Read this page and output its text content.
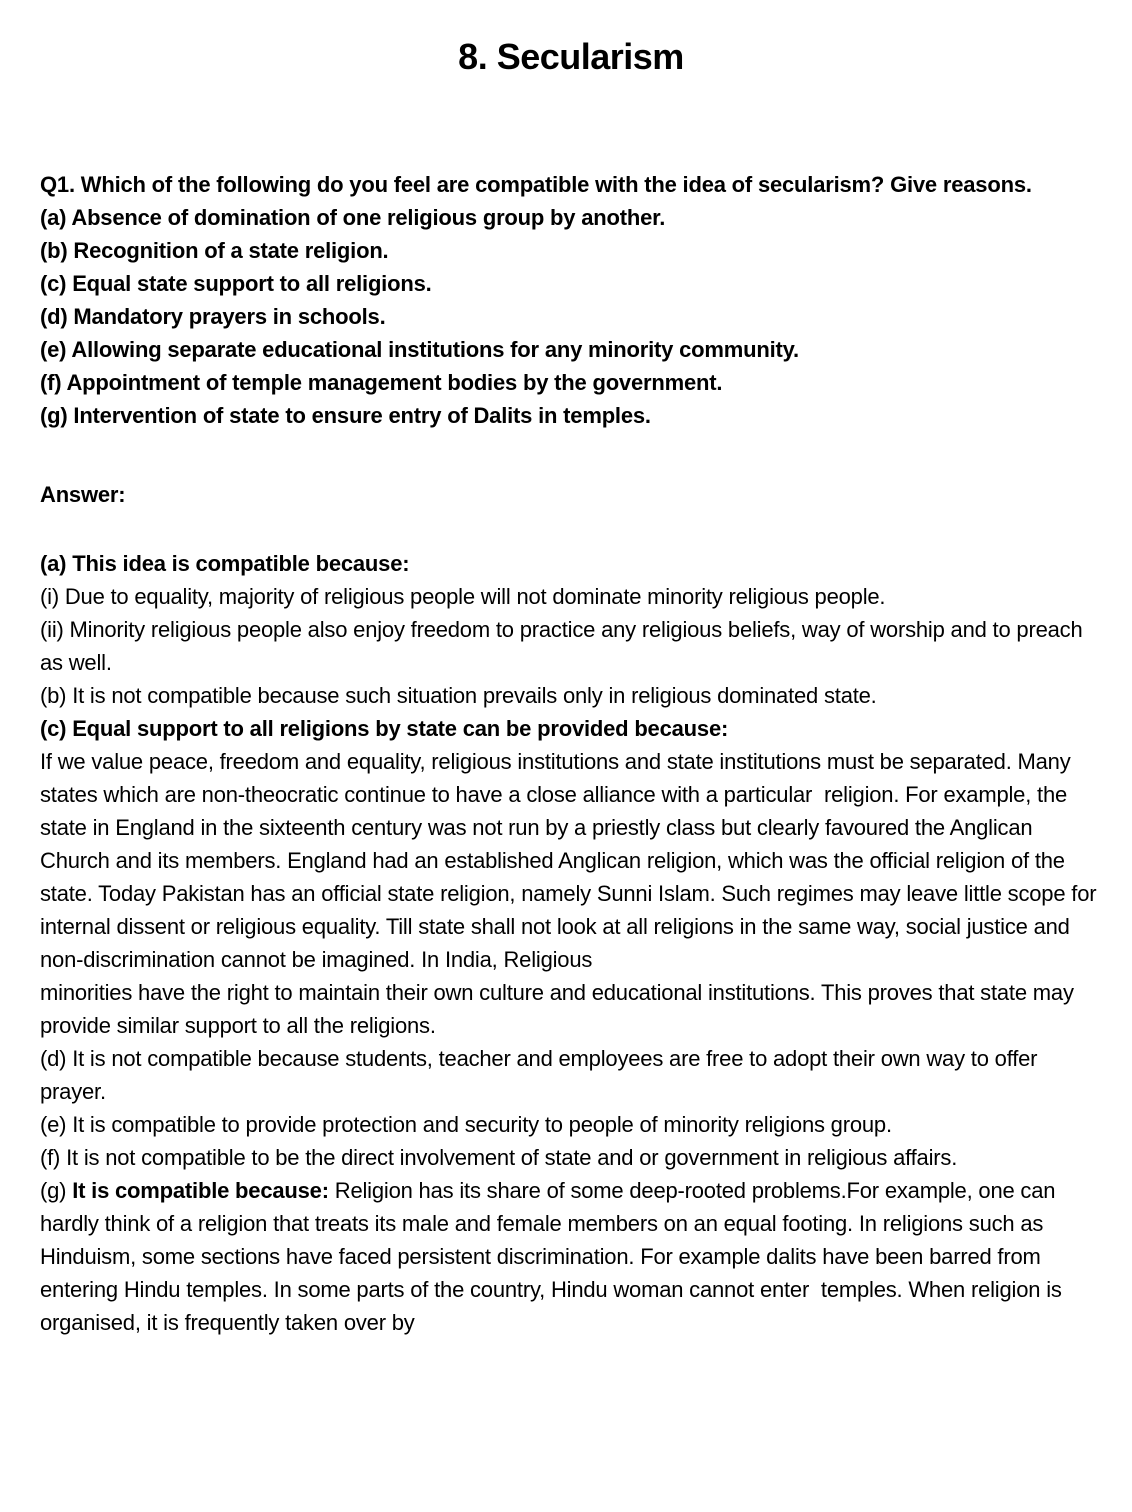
8. Secularism

Q1. Which of the following do you feel are compatible with the idea of secularism? Give reasons.

(a) Absence of domination of one religious group by another.

(b) Recognition of a state religion.

(c) Equal state support to all religions.

(d) Mandatory prayers in schools.

(e) Allowing separate educational institutions for any minority community.

(f) Appointment of temple management bodies by the government.

(g) Intervention of state to ensure entry of Dalits in temples.

Answer:

(a) This idea is compatible because:

(i) Due to equality, majority of religious people will not dominate minority religious people.

(ii) Minority religious people also enjoy freedom to practice any religious beliefs, way of worship and to preach as well.

(b) It is not compatible because such situation prevails only in religious dominated state.

(c) Equal support to all religions by state can be provided because:

If we value peace, freedom and equality, religious institutions and state institutions must be separated. Many states which are non-theocratic continue to have a close alliance with a particular  religion. For example, the state in England in the sixteenth century was not run by a priestly class but clearly favoured the Anglican Church and its members. England had an established Anglican religion, which was the official religion of the state. Today Pakistan has an official state religion, namely Sunni Islam. Such regimes may leave little scope for internal dissent or religious equality. Till state shall not look at all religions in the same way, social justice and non-discrimination cannot be imagined. In India, Religious

minorities have the right to maintain their own culture and educational institutions. This proves that state may provide similar support to all the religions.

(d) It is not compatible because students, teacher and employees are free to adopt their own way to offer prayer.

(e) It is compatible to provide protection and security to people of minority religions group.

(f) It is not compatible to be the direct involvement of state and or government in religious affairs.

(g) It is compatible because: Religion has its share of some deep-rooted problems.For example, one can hardly think of a religion that treats its male and female members on an equal footing. In religions such as Hinduism, some sections have faced persistent discrimination. For example dalits have been barred from entering Hindu temples. In some parts of the country, Hindu woman cannot enter  temples. When religion is organised, it is frequently taken over by
